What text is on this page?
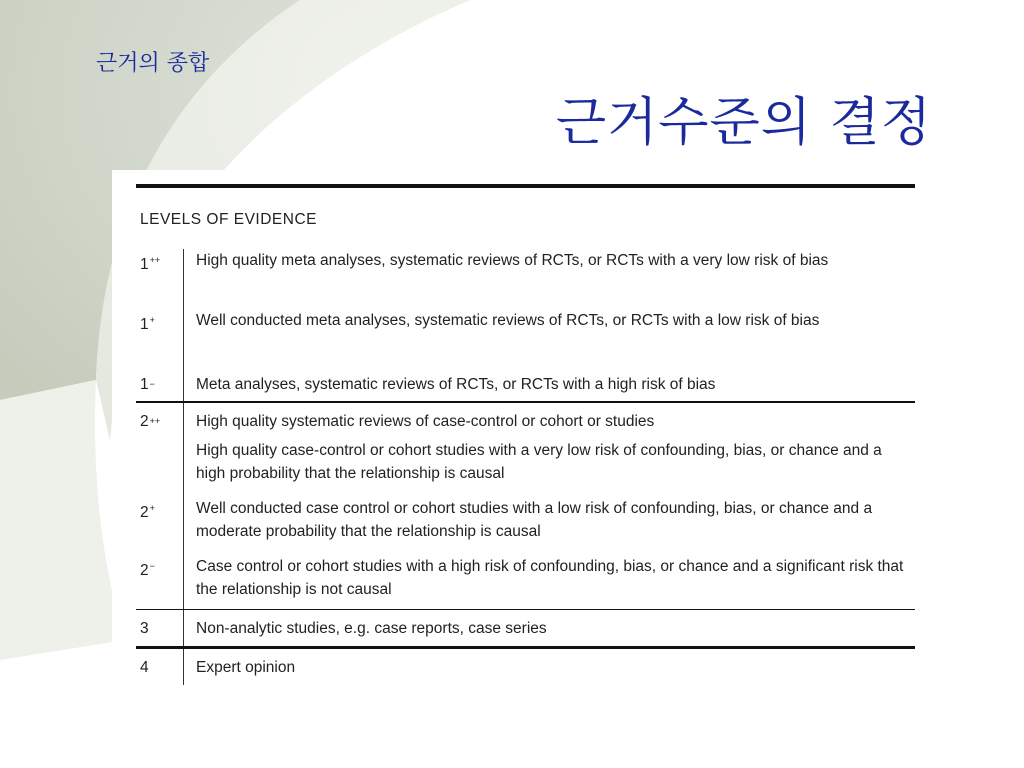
근거의 종합
근거수준의 결정
LEVELS OF EVIDENCE
1++	High quality meta analyses, systematic reviews of RCTs, or RCTs with a very low risk of bias
1+	Well conducted meta analyses, systematic reviews of RCTs, or RCTs with a low risk of bias
1 −	Meta analyses, systematic reviews of RCTs, or RCTs with a high risk of bias
2 ++	High quality systematic reviews of case-control or cohort or studies
High quality case-control or cohort studies with a very low risk of confounding, bias, or chance and a high probability that the relationship is causal
2+	Well conducted case control or cohort studies with a low risk of confounding, bias, or chance and a moderate probability that the relationship is causal
2−	Case control or cohort studies with a high risk of confounding, bias, or chance and a significant risk that the relationship is not causal
3	Non-analytic studies, e.g. case reports, case series
4	Expert opinion
